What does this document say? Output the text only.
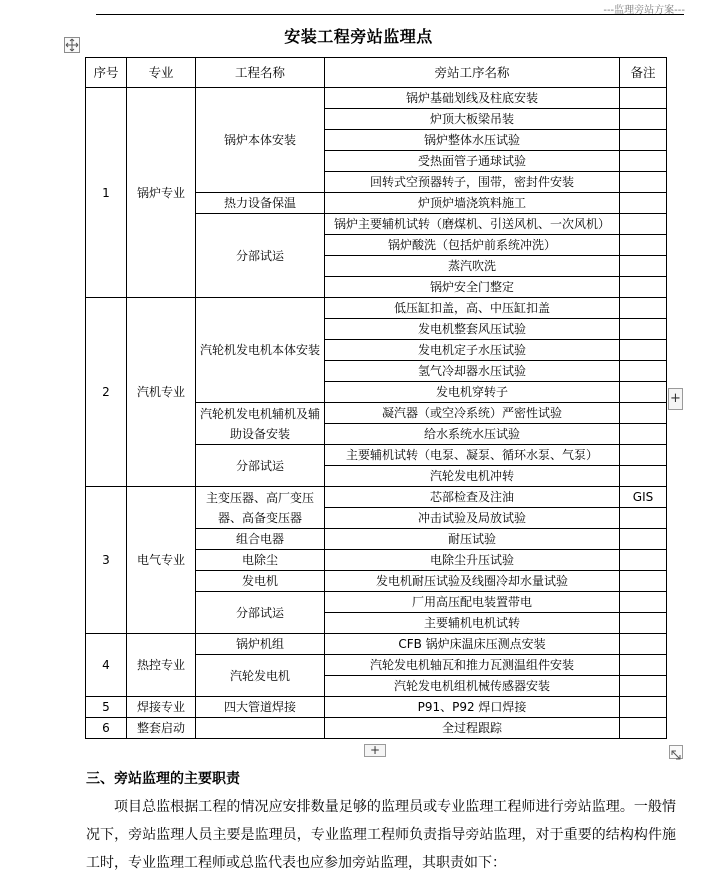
---监理旁站方案---
安装工程旁站监理点
序号	专业	工程名称	旁站工序名称	备注
1	锅炉专业	锅炉本体安装	锅炉基础划线及柱底安装	
			炉顶大板梁吊装	
			锅炉整体水压试验	
			受热面管子通球试验	
			回转式空预器转子，围带，密封件安装	
		热力设备保温	炉顶炉墙浇筑料施工	
		分部试运	锅炉主要辅机试转（磨煤机、引送风机、一次风机）	
			锅炉酸洗（包括炉前系统冲洗）	
			蒸汽吹洗	
			锅炉安全门整定	
2	汽机专业	汽轮机发电机本体安装	低压缸扣盖，高、中压缸扣盖	
			发电机整套风压试验	
			发电机定子水压试验	
			氢气冷却器水压试验	
			发电机穿转子	
		汽轮机发电机辅机及辅助设备安装	凝汽器（或空冷系统）严密性试验	
			给水系统水压试验	
		分部试运	主要辅机试转（电泵、凝泵、循环水泵、气泵）	
			汽轮发电机冲转	
3	电气专业	主变压器、高厂变压器、高备变压器	芯部检查及注油	GIS
			冲击试验及局放试验	
		组合电器	耐压试验	
		电除尘	电除尘升压试验	
		发电机	发电机耐压试验及线圈冷却水量试验	
		分部试运	厂用高压配电装置带电	
			主要辅机电机试转	
4	热控专业	锅炉机组	CFB 锅炉床温床压测点安装	
		汽轮发电机	汽轮发电机轴瓦和推力瓦测温组件安装	
			汽轮发电机组机械传感器安装	
5	焊接专业	四大管道焊接	P91、P92 焊口焊接	
6	整套启动		全过程跟踪	
+
+
三、旁站监理的主要职责
项目总监根据工程的情况应安排数量足够的监理员或专业监理工程师进行旁站监理。一般情况下，旁站监理人员主要是监理员，专业监理工程师负责指导旁站监理，对于重要的结构构件施工时，专业监理工程师或总监代表也应参加旁站监理，其职责如下：
